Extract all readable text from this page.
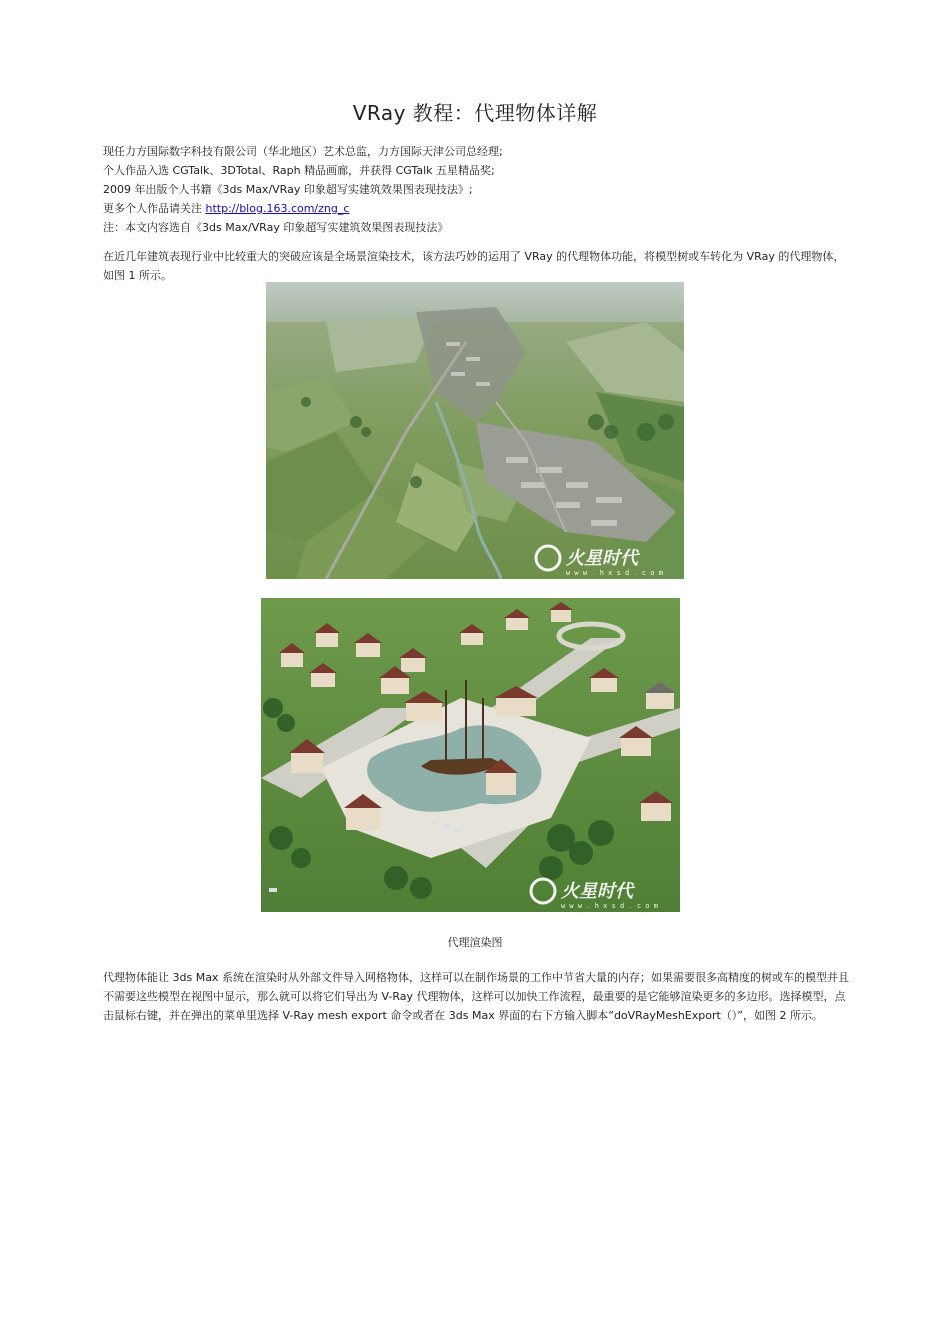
VRay 教程：代理物体详解
现任力方国际数字科技有限公司（华北地区）艺术总监，力方国际天津公司总经理;
个人作品入选 CGTalk、3DTotal、Raph 精品画廊，并获得 CGTalk 五星精品奖;
2009 年出版个人书籍《3ds Max/VRay 印象超写实建筑效果图表现技法》;
更多个人作品请关注 http://blog.163.com/zng_c
注：本文内容选自《3ds Max/VRay 印象超写实建筑效果图表现技法》
在近几年建筑表现行业中比较重大的突破应该是全场景渲染技术，该方法巧妙的运用了 VRay 的代理物体功能，将模型树或车转化为 VRay 的代理物体，如图 1 所示。
火星时代
w w w . h x s d . c o m
火星时代
w w w . h x s d . c o m
代理渲染图
代理物体能让 3ds Max 系统在渲染时从外部文件导入网格物体，这样可以在制作场景的工作中节省大量的内存；如果需要很多高精度的树或车的模型并且不需要这些模型在视图中显示，那么就可以将它们导出为 V-Ray 代理物体，这样可以加快工作流程，最重要的是它能够渲染更多的多边形。选择模型，点击鼠标右键，并在弹出的菜单里选择 V-Ray mesh export 命令或者在 3ds Max 界面的右下方输入脚本“doVRayMeshExport（）”，如图 2 所示。
